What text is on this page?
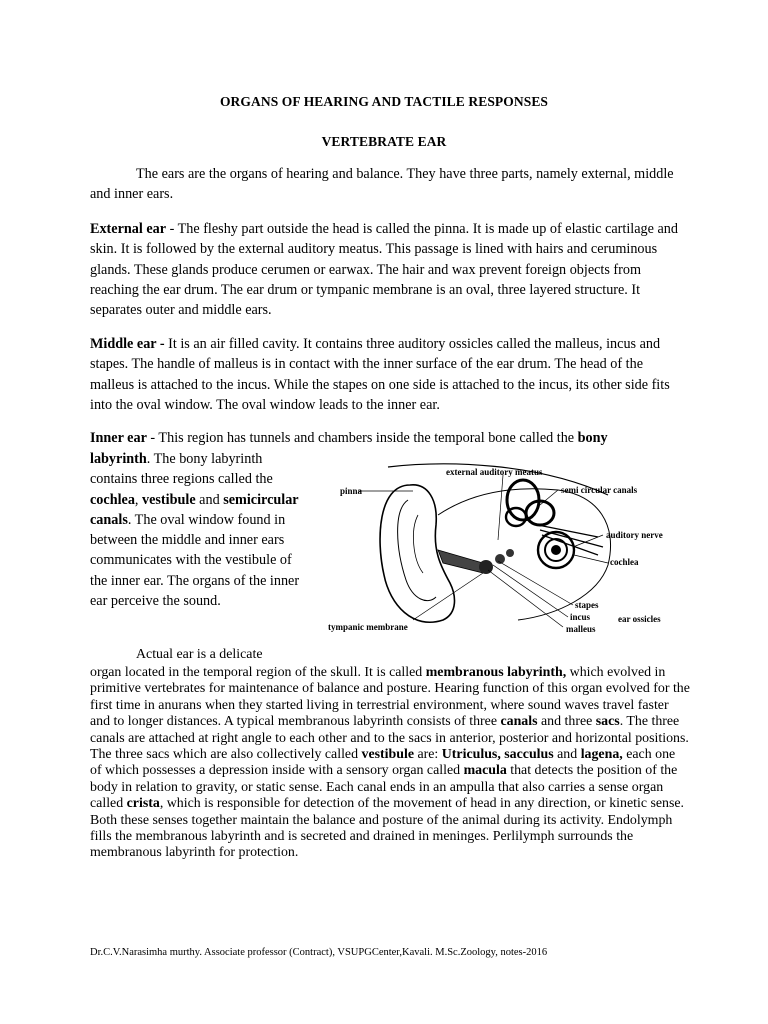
ORGANS OF HEARING AND TACTILE RESPONSES
VERTEBRATE EAR
The ears are the organs of hearing and balance. They have three parts, namely external, middle and inner ears.
External ear - The fleshy part outside the head is called the pinna. It is made up of elastic cartilage and skin. It is followed by the external auditory meatus. This passage is lined with hairs and ceruminous glands. These glands produce cerumen or earwax. The hair and wax prevent foreign objects from reaching the ear drum. The ear drum or tympanic membrane is an oval, three layered structure. It separates outer and middle ears.
Middle ear - It is an air filled cavity. It contains three auditory ossicles called the malleus, incus and stapes. The handle of malleus is in contact with the inner surface of the ear drum. The head of the malleus is attached to the incus. While the stapes on one side is attached to the incus, its other side fits into the oval window. The oval window leads to the inner ear.
Inner ear - This region has tunnels and chambers inside the temporal bone called the bony
labyrinth. The bony labyrinth contains three regions called the cochlea, vestibule and semicircular canals. The oval window found in between the middle and inner ears communicates with the vestibule of the inner ear. The organs of the inner ear perceive the sound.
external auditory meatus
pinna	semi circular canals
auditory nerve
cochlea
stapes
incus
malleus
ear ossicles
tympanic membrane
Actual ear is a delicate
organ located in the temporal region of the skull. It is called membranous labyrinth, which evolved in primitive vertebrates for maintenance of balance and posture. Hearing function of this organ evolved for the first time in anurans when they started living in terrestrial environment, where sound waves travel faster and to longer distances. A typical membranous labyrinth consists of three canals and three sacs. The three canals are attached at right angle to each other and to the sacs in anterior, posterior and horizontal positions. The three sacs which are also collectively called vestibule are: Utriculus, sacculus and lagena, each one of which possesses a depression inside with a sensory organ called macula that detects the position of the body in relation to gravity, or static sense. Each canal ends in an ampulla that also carries a sense organ called crista, which is responsible for detection of the movement of head in any direction, or kinetic sense. Both these senses together maintain the balance and posture of the animal during its activity. Endolymph fills the membranous labyrinth and is secreted and drained in meninges. Perlilymph surrounds the membranous labyrinth for protection.
Dr.C.V.Narasimha murthy. Associate professor (Contract), VSUPGCenter,Kavali. M.Sc.Zoology, notes-2016
